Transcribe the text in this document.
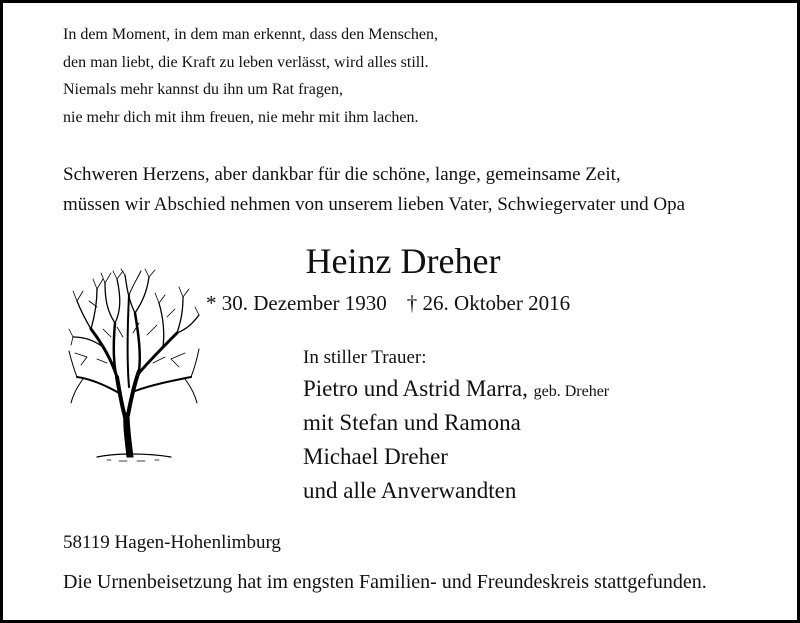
In dem Moment, in dem man erkennt, dass den Menschen,
den man liebt, die Kraft zu leben verlässt, wird alles still.
Niemals mehr kannst du ihn um Rat fragen,
nie mehr dich mit ihm freuen, nie mehr mit ihm lachen.
Schweren Herzens, aber dankbar für die schöne, lange, gemeinsame Zeit,
müssen wir Abschied nehmen von unserem lieben Vater, Schwiegervater und Opa
Heinz Dreher
* 30. Dezember 1930 † 26. Oktober 2016
In stiller Trauer:
Pietro und Astrid Marra, geb. Dreher
mit Stefan und Ramona
Michael Dreher
und alle Anverwandten
58119 Hagen-Hohenlimburg
Die Urnenbeisetzung hat im engsten Familien- und Freundeskreis stattgefunden.
